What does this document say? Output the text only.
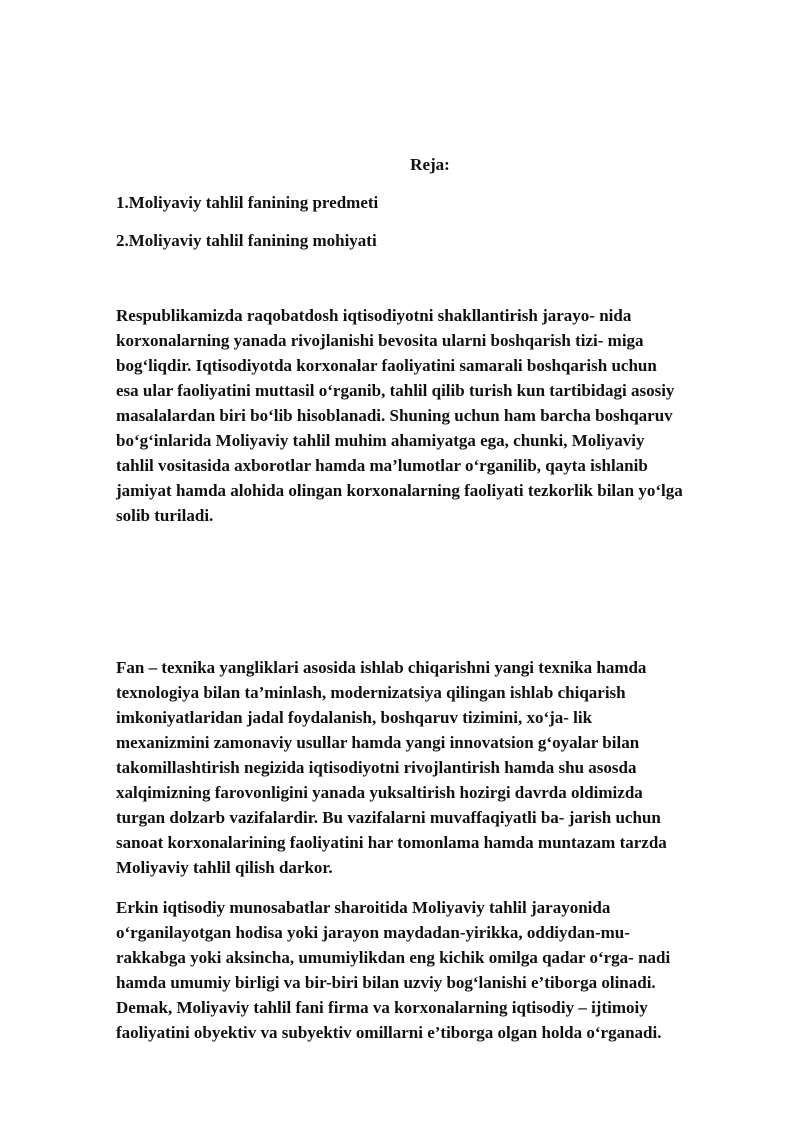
Reja:
1.Moliyaviy tahlil fanining predmeti
2.Moliyaviy tahlil fanining mohiyati
Respublikamizda raqobatdosh iqtisodiyotni shakllantirish jarayo- nida
korxonalarning yanada rivojlanishi bevosita ularni boshqarish tizi- miga
bog‘liqdir. Iqtisodiyotda korxonalar faoliyatini samarali boshqarish uchun
esa ular faoliyatini muttasil o‘rganib, tahlil qilib turish kun tartibidagi asosiy
masalalardan biri bo‘lib hisoblanadi. Shuning uchun ham barcha boshqaruv
bo‘g‘inlarida Moliyaviy tahlil muhim ahamiyatga ega, chunki, Moliyaviy
tahlil vositasida axborotlar hamda ma’lumotlar o‘rganilib, qayta ishlanib
jamiyat hamda alohida olingan korxonalarning faoliyati tezkorlik bilan yo‘lga
solib turiladi.
Fan – texnika yangliklari asosida ishlab chiqarishni yangi texnika hamda
texnologiya bilan ta’minlash, modernizatsiya qilingan ishlab chiqarish
imkoniyatlaridan jadal foydalanish, boshqaruv tizimini, xo‘ja- lik
mexanizmini zamonaviy usullar hamda yangi innovatsion g‘oyalar bilan
takomillashtirish negizida iqtisodiyotni rivojlantirish hamda shu asosda
xalqimizning farovonligini yanada yuksaltirish hozirgi davrda oldimizda
turgan dolzarb vazifalardir. Bu vazifalarni muvaffaqiyatli ba- jarish uchun
sanoat korxonalarining faoliyatini har tomonlama hamda muntazam tarzda
Moliyaviy tahlil qilish darkor.
Erkin iqtisodiy munosabatlar sharoitida Moliyaviy tahlil jarayonida
o‘rganilayotgan hodisa yoki jarayon maydadan-yirikka, oddiydan-mu-
rakkabga yoki aksincha, umumiylikdan eng kichik omilga qadar o‘rga- nadi
hamda umumiy birligi va bir-biri bilan uzviy bog‘lanishi e’tiborga olinadi.
Demak, Moliyaviy tahlil fani firma va korxonalarning iqtisodiy – ijtimoiy
faoliyatini obyektiv va subyektiv omillarni e’tiborga olgan holda o‘rganadi.
